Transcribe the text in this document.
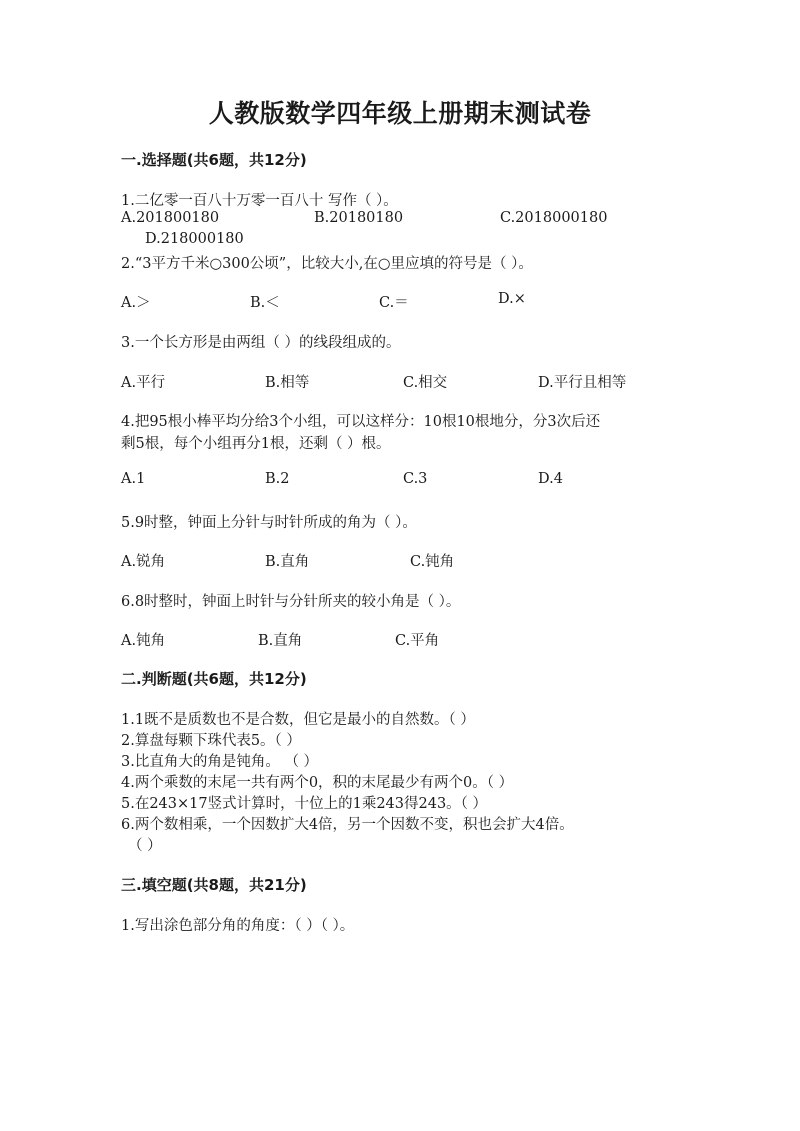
人教版数学四年级上册期末测试卷
一.选择题(共6题，共12分)
1.二亿零一百八十万零一百八十 写作（ ）。
A.201800180	B.20180180	C.2018000180
D.218000180
2.“3平方千米○300公顷”，比较大小,在○里应填的符号是（ ）。
A.＞	B.＜	C.＝	D.×
3.一个长方形是由两组（ ）的线段组成的。
A.平行	B.相等	C.相交	D.平行且相等
4.把95根小棒平均分给3个小组，可以这样分：10根10根地分，分3次后还
剩5根，每个小组再分1根，还剩（ ）根。
A.1	B.2	C.3	D.4
5.9时整，钟面上分针与时针所成的角为（ ）。
A.锐角	B.直角	C.钝角
6.8时整时，钟面上时针与分针所夹的较小角是（ ）。
A.钝角	B.直角	C.平角
二.判断题(共6题，共12分)
1.1既不是质数也不是合数，但它是最小的自然数。（ ）
2.算盘每颗下珠代表5。（ ）
3.比直角大的角是钝角。 （ ）
4.两个乘数的末尾一共有两个0，积的末尾最少有两个0。（ ）
5.在243×17竖式计算时，十位上的1乘243得243。（ ）
6.两个数相乘，一个因数扩大4倍，另一个因数不变，积也会扩大4倍。
（ ）
三.填空题(共8题，共21分)
1.写出涂色部分角的角度：（ ）（ ）。
